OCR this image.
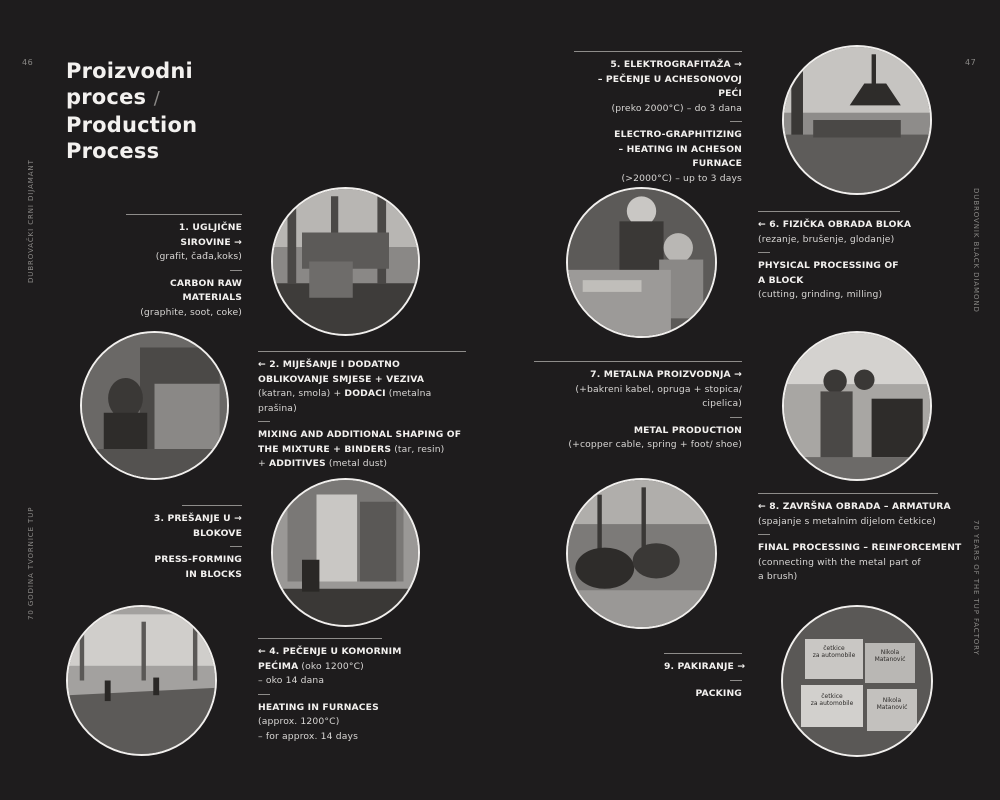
46	47
DUBROVAČKI CRNI DIJAMANT
70 GODINA TVORNICE TUP
DUBROVNIK BLACK DIAMOND
70 YEARS OF THE TUP FACTORY
Proizvodni
proces /
Production
Process
1. UGLJIČNE SIROVINE →
(grafit, čađa,koks)
CARBON RAW MATERIALS
(graphite, soot, coke)
← 2. MIJEŠANJE I DODATNO
OBLIKOVANJE SMJESE + VEZIVA
(katran, smola) + DODACI (metalna prašina)
MIXING AND ADDITIONAL SHAPING OF
THE MIXTURE + BINDERS (tar, resin)
+ ADDITIVES (metal dust)
3. PREŠANJE U →
BLOKOVE
PRESS-FORMING
IN BLOCKS
← 4. PEČENJE U KOMORNIM
PEĆIMA (oko 1200°C)
– oko 14 dana
HEATING IN FURNACES
(approx. 1200°C)
– for approx. 14 days
5. ELEKTROGRAFITAŽA →
– PEČENJE U ACHESONOVOJ PEĆI
(preko 2000°C) – do 3 dana
ELECTRO-GRAPHITIZING
– HEATING IN ACHESON FURNACE
(>2000°C) – up to 3 days
← 6. FIZIČKA OBRADA BLOKA
(rezanje, brušenje, glodanje)
PHYSICAL PROCESSING OF
A BLOCK
(cutting, grinding, milling)
7. METALNA PROIZVODNJA →
(+bakreni kabel, opruga + stopica/ cipelica)
METAL PRODUCTION
(+copper cable, spring + foot/ shoe)
← 8. ZAVRŠNA OBRADA – ARMATURA
(spajanje s metalnim dijelom četkice)
FINAL PROCESSING – REINFORCEMENT
(connecting with the metal part of
a brush)
9. PAKIRANJE →
PACKING
četkice
za automobile	Nikola
Matanović
četkice
za automobile	Nikola
Matanović
